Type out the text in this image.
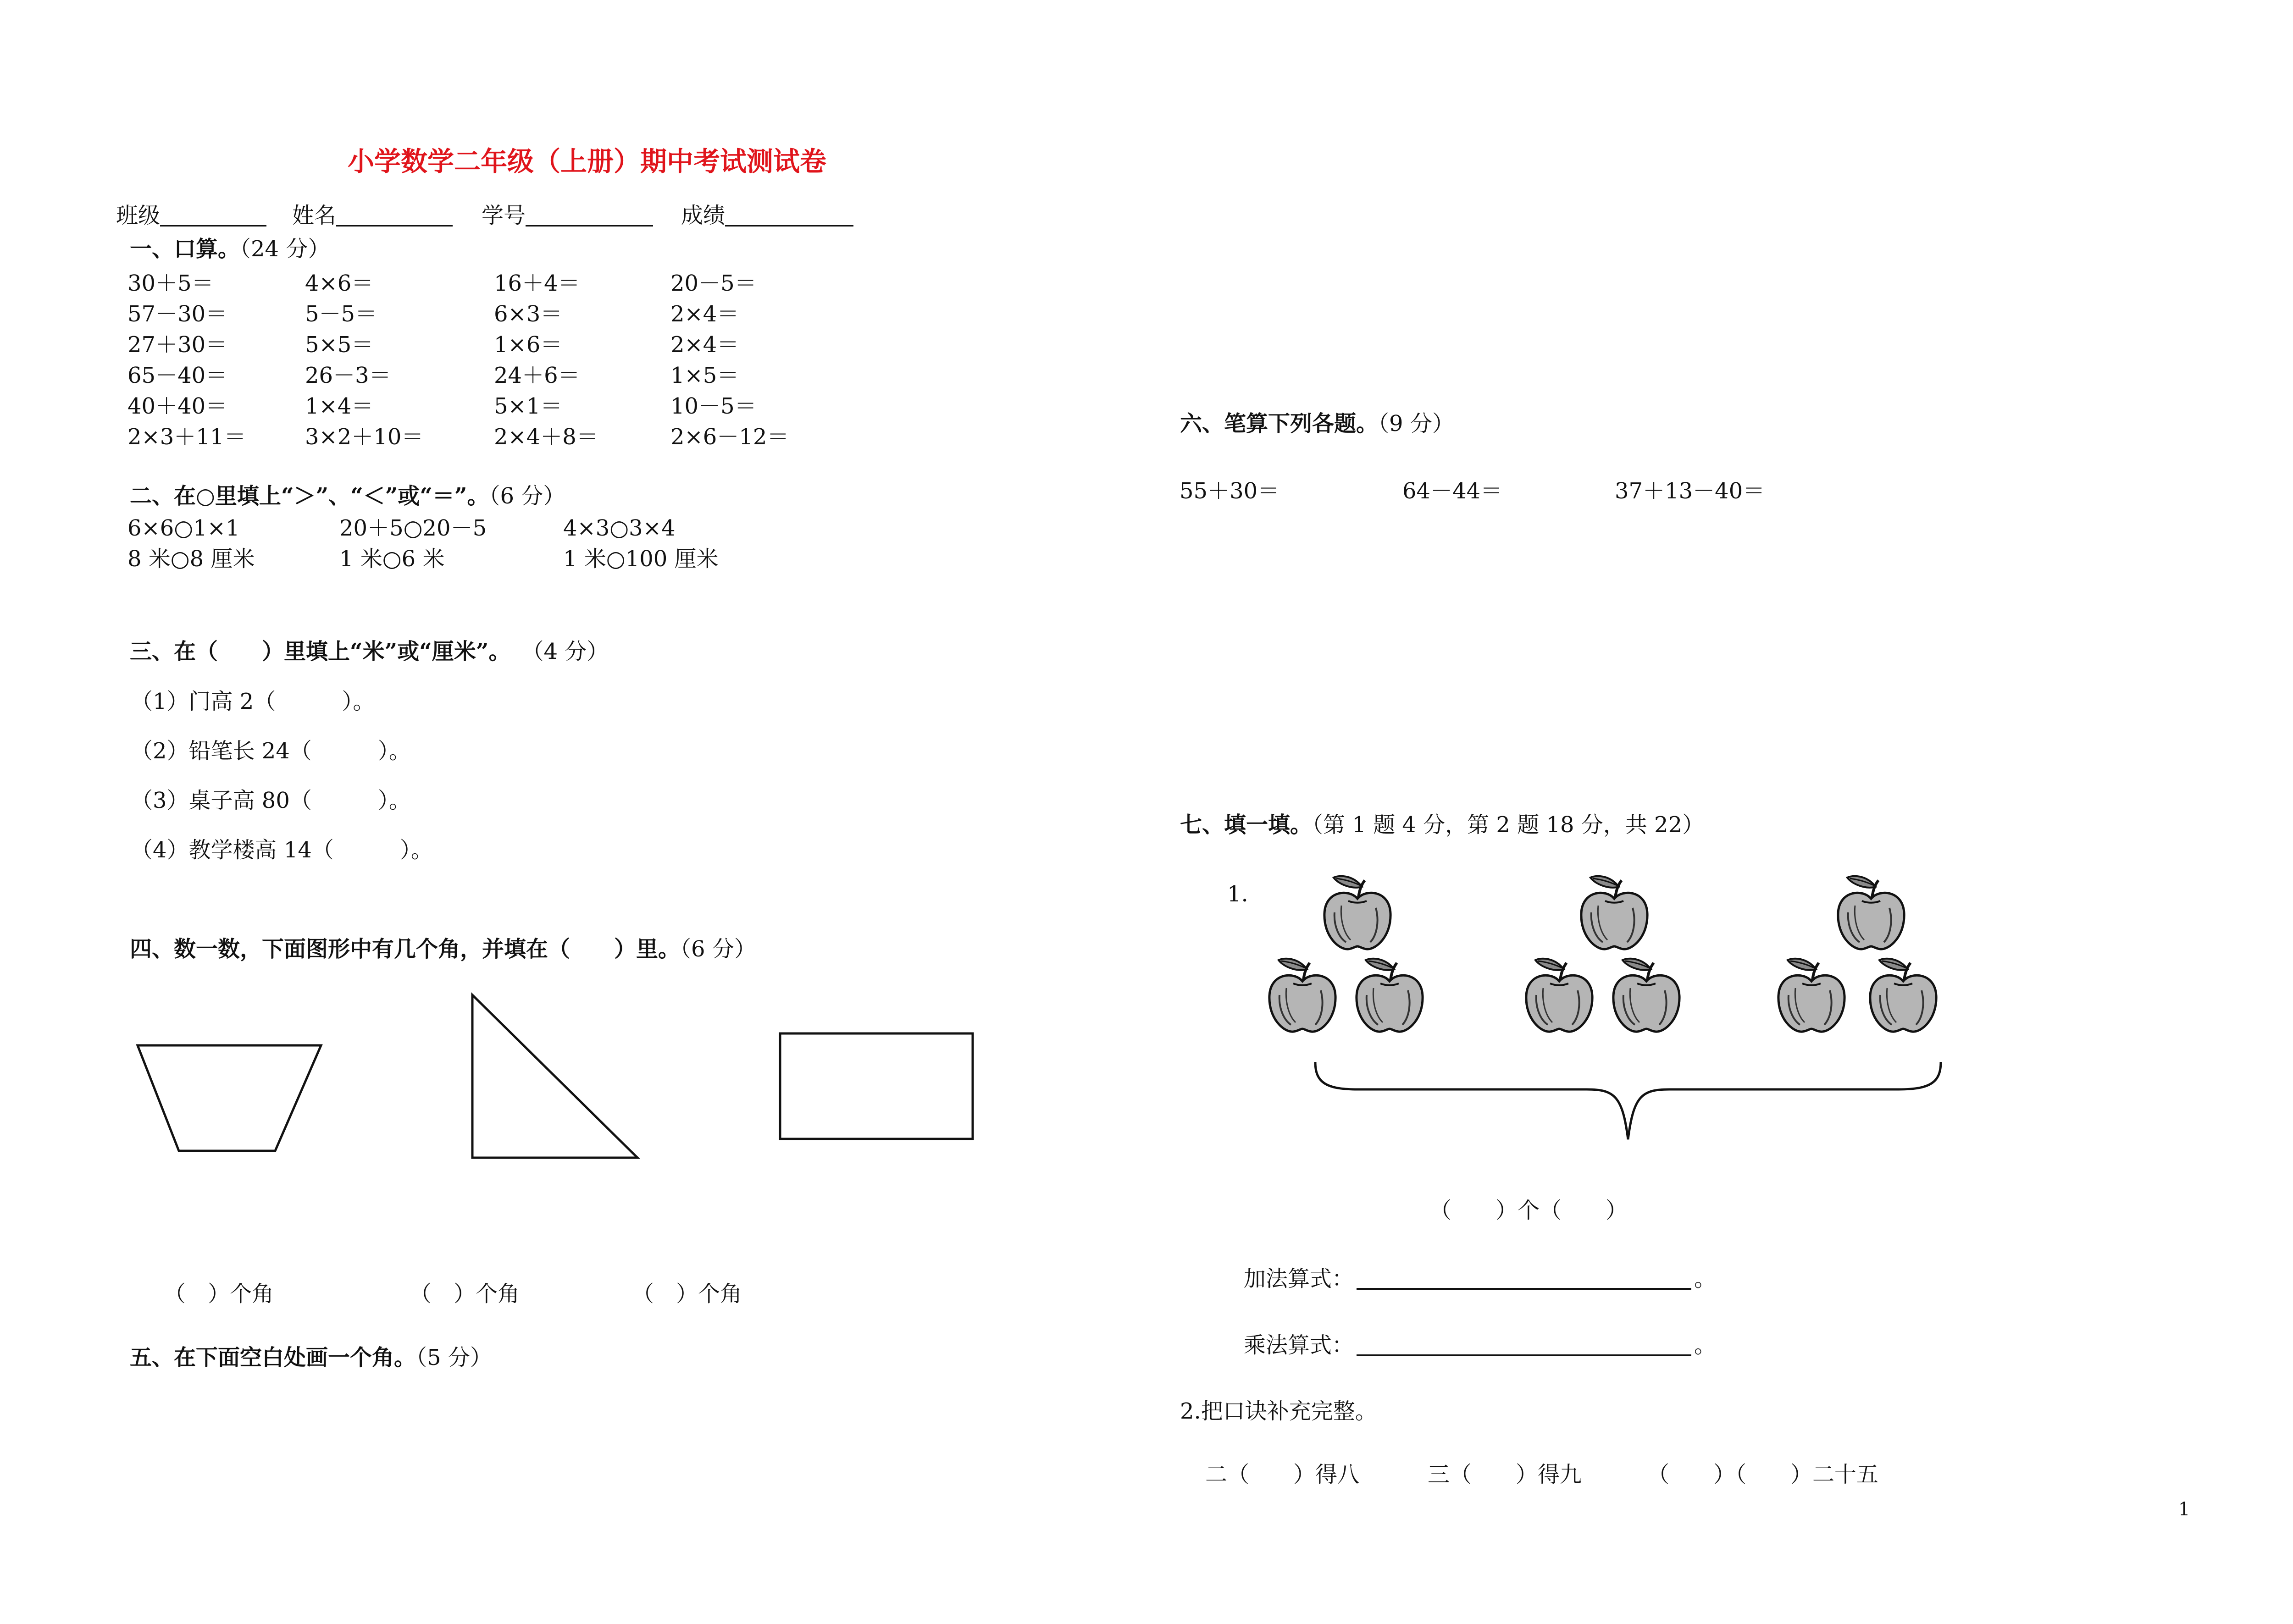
小学数学二年级（上册）期中考试测试卷
班级	姓名	学号	成绩
一、口算。（24 分）
30＋5＝	4×6＝	16＋4＝	20－5＝
57－30＝	5－5＝	6×3＝	2×4＝
27＋30＝	5×5＝	1×6＝	2×4＝
65－40＝	26－3＝	24＋6＝	1×5＝
40＋40＝	1×4＝	5×1＝	10－5＝
2×3＋11＝	3×2＋10＝	2×4＋8＝	2×6－12＝
二、在○里填上“＞”、“＜”或“＝”。（6 分）
6×6○1×1	20＋5○20－5	4×3○3×4
8 米○8 厘米	1 米○6 米	1 米○100 厘米
三、在（　　）里填上“米”或“厘米”。 （4 分）
（1）门高 2（　　　）。
（2）铅笔长 24（　　　）。
（3）桌子高 80（　　　）。
（4）教学楼高 14（　　　）。
四、数一数，下面图形中有几个角，并填在（　　）里。（6 分）
（　）个角	（　）个角	（　）个角
五、在下面空白处画一个角。（5 分）
六、笔算下列各题。（9 分）
55＋30＝	64－44＝	37＋13－40＝
七、填一填。（第 1 题 4 分，第 2 题 18 分，共 22）
1.
（　　）个（　　）
加法算式：	。
乘法算式：	。
2.把口诀补充完整。
二（　　）得八	三（　　）得九	（　　）（　　）二十五
1
